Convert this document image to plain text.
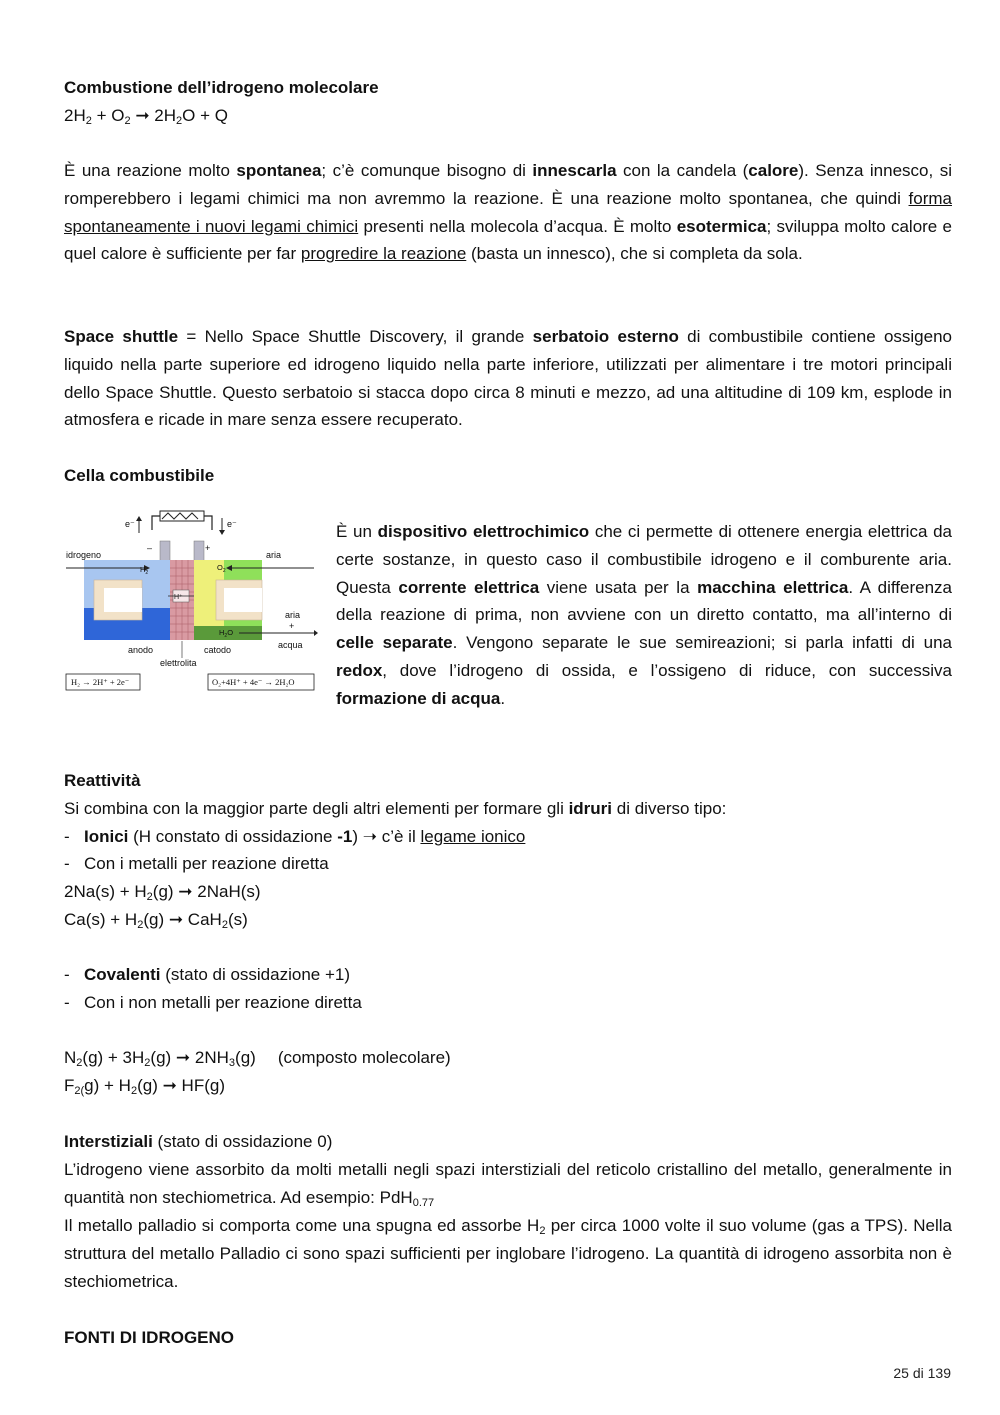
Combustione dell’idrogeno molecolare
$2H_2 + O_2$ ➞ $2H_2O + Q$
È una reazione molto spontanea; c’è comunque bisogno di innescarla con la candela (calore). Senza innesco, si romperebbero i legami chimici ma non avremmo la reazione. È una reazione molto spontanea, che quindi forma spontaneamente i nuovi legami chimici presenti nella molecola d’acqua. È molto esotermica; sviluppa molto calore e quel calore è sufficiente per far progredire la reazione (basta un innesco), che si completa da sola.
Space shuttle = Nello Space Shuttle Discovery, il grande serbatoio esterno di combustibile contiene ossigeno liquido nella parte superiore ed idrogeno liquido nella parte inferiore, utilizzati per alimentare i tre motori principali dello Space Shuttle. Questo serbatoio si stacca dopo circa 8 minuti e mezzo, ad una altitudine di 109 km, esplode in atmosfera e ricade in mare senza essere recuperato.
Cella combustibile
e⁻	e⁻
–	+
H⁺
idrogeno
$H_2$
aria
$O_2$
$H_2O$
aria
+
acqua
anodo	catodo
elettrolita
H₂ → 2H⁺ + 2e⁻	O₂+4H⁺ + 4e⁻ → 2H₂O
È un dispositivo elettrochimico che ci permette di ottenere energia elettrica da certe sostanze, in questo caso il combustibile idrogeno e il comburente aria. Questa corrente elettrica viene usata per la macchina elettrica. A differenza della reazione di prima, non avviene con un diretto contatto, ma all’interno di celle separate. Vengono separate le sue semireazioni; si parla infatti di una redox, dove l’idrogeno di ossida, e l’ossigeno di riduce, con successiva formazione di acqua.
Reattività
Si combina con la maggior parte degli altri elementi per formare gli idruri di diverso tipo:
- Ionici (H constato di ossidazione -1) ➝ c’è il legame ionico
- Con i metalli per reazione diretta
$2Na(s) + H_2(g)$ ➞ 2NaH(s)
$Ca(s) + H_2(g)$ ➞ CaH$_2$(s)
- Covalenti (stato di ossidazione +1)
- Con i non metalli per reazione diretta
$N_2(g) + 3H_2(g)$ ➞ $2NH_3(g)$ (composto molecolare)
$F_{2(}g) + H_2(g)$ ➞ HF(g)
Interstiziali (stato di ossidazione 0)
L’idrogeno viene assorbito da molti metalli negli spazi interstiziali del reticolo cristallino del metallo, generalmente in quantità non stechiometrica. Ad esempio: PdH$_{0.77}$
Il metallo palladio si comporta come una spugna ed assorbe $H_2$ per circa 1000 volte il suo volume (gas a TPS). Nella struttura del metallo Palladio ci sono spazi sufficienti per inglobare l’idrogeno. La quantità di idrogeno assorbita non è stechiometrica.
FONTI DI IDROGENO
25 di 139
